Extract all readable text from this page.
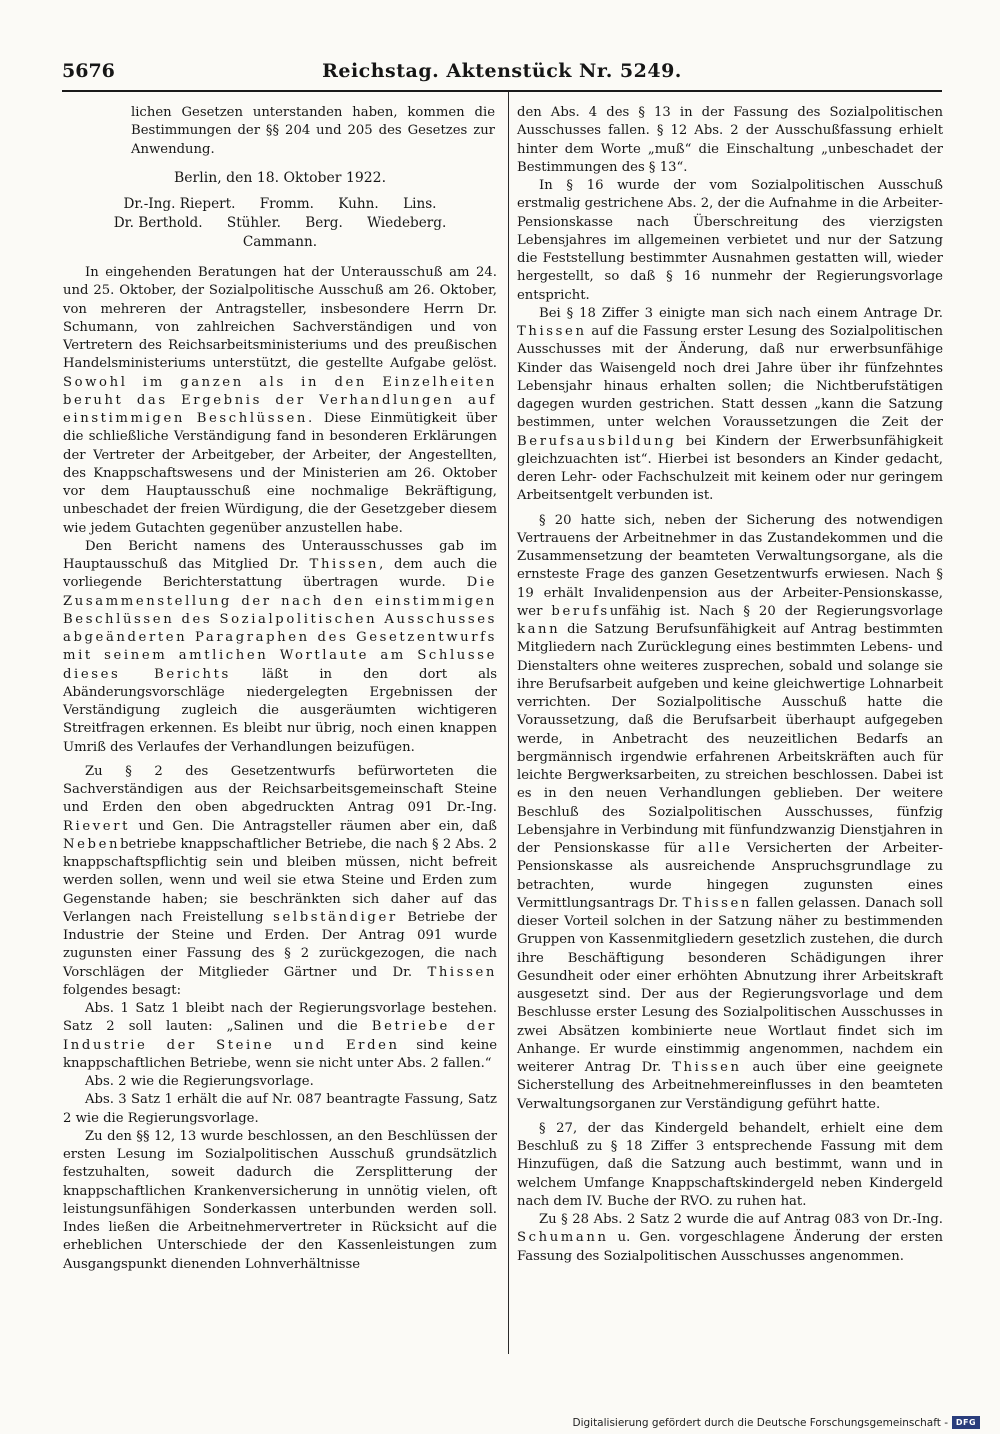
5676	Reichstag. Aktenstück Nr. 5249.

lichen Gesetzen unterstanden haben, kommen die Bestimmungen der §§ 204 und 205 des Gesetzes zur Anwendung.

Berlin, den 18. Oktober 1922.

Dr.-Ing. Riepert. Fromm. Kuhn. Lins.
Dr. Berthold. Stühler. Berg. Wiedeberg.
Cammann.

In eingehenden Beratungen hat der Unterausschuß am 24. und 25. Oktober, der Sozialpolitische Ausschuß am 26. Oktober, von mehreren der Antragsteller, insbesondere Herrn Dr. Schumann, von zahlreichen Sachverständigen und von Vertretern des Reichsarbeitsministeriums und des preußischen Handelsministeriums unterstützt, die gestellte Aufgabe gelöst. Sowohl im ganzen als in den Einzelheiten beruht das Ergebnis der Verhandlungen auf einstimmigen Beschlüssen. Diese Einmütigkeit über die schließliche Verständigung fand in besonderen Erklärungen der Vertreter der Arbeitgeber, der Arbeiter, der Angestellten, des Knappschaftswesens und der Ministerien am 26. Oktober vor dem Hauptausschuß eine nochmalige Bekräftigung, unbeschadet der freien Würdigung, die der Gesetzgeber diesem wie jedem Gutachten gegenüber anzustellen habe.

Den Bericht namens des Unterausschusses gab im Hauptausschuß das Mitglied Dr. Thissen, dem auch die vorliegende Berichterstattung übertragen wurde. Die Zusammenstellung der nach den einstimmigen Beschlüssen des Sozialpolitischen Ausschusses abgeänderten Paragraphen des Gesetzentwurfs mit seinem amtlichen Wortlaute am Schlusse dieses Berichts läßt in den dort als Abänderungsvorschläge niedergelegten Ergebnissen der Verständigung zugleich die ausgeräumten wichtigeren Streitfragen erkennen. Es bleibt nur übrig, noch einen knappen Umriß des Verlaufes der Verhandlungen beizufügen.

Zu § 2 des Gesetzentwurfs befürworteten die Sachverständigen aus der Reichsarbeitsgemeinschaft Steine und Erden den oben abgedruckten Antrag 091 Dr.-Ing. Rievert und Gen. Die Antragsteller räumen aber ein, daß Nebenbetriebe knappschaftlicher Betriebe, die nach § 2 Abs. 2 knappschaftspflichtig sein und bleiben müssen, nicht befreit werden sollen, wenn und weil sie etwa Steine und Erden zum Gegenstande haben; sie beschränkten sich daher auf das Verlangen nach Freistellung selbständiger Betriebe der Industrie der Steine und Erden. Der Antrag 091 wurde zugunsten einer Fassung des § 2 zurückgezogen, die nach Vorschlägen der Mitglieder Gärtner und Dr. Thissen folgendes besagt:

Abs. 1 Satz 1 bleibt nach der Regierungsvorlage bestehen. Satz 2 soll lauten: „Salinen und die Betriebe der Industrie der Steine und Erden sind keine knappschaftlichen Betriebe, wenn sie nicht unter Abs. 2 fallen.“

Abs. 2 wie die Regierungsvorlage.

Abs. 3 Satz 1 erhält die auf Nr. 087 beantragte Fassung, Satz 2 wie die Regierungsvorlage.

Zu den §§ 12, 13 wurde beschlossen, an den Beschlüssen der ersten Lesung im Sozialpolitischen Ausschuß grundsätzlich festzuhalten, soweit dadurch die Zersplitterung der knappschaftlichen Krankenversicherung in unnötig vielen, oft leistungsunfähigen Sonderkassen unterbunden werden soll. Indes ließen die Arbeitnehmervertreter in Rücksicht auf die erheblichen Unterschiede der den Kassenleistungen zum Ausgangspunkt dienenden Lohnverhältnisse

den Abs. 4 des § 13 in der Fassung des Sozialpolitischen Ausschusses fallen. § 12 Abs. 2 der Ausschußfassung erhielt hinter dem Worte „muß“ die Einschaltung „unbeschadet der Bestimmungen des § 13“.

In § 16 wurde der vom Sozialpolitischen Ausschuß erstmalig gestrichene Abs. 2, der die Aufnahme in die Arbeiter-Pensionskasse nach Überschreitung des vierzigsten Lebensjahres im allgemeinen verbietet und nur der Satzung die Feststellung bestimmter Ausnahmen gestatten will, wieder hergestellt, so daß § 16 nunmehr der Regierungsvorlage entspricht.

Bei § 18 Ziffer 3 einigte man sich nach einem Antrage Dr. Thissen auf die Fassung erster Lesung des Sozialpolitischen Ausschusses mit der Änderung, daß nur erwerbsunfähige Kinder das Waisengeld noch drei Jahre über ihr fünfzehntes Lebensjahr hinaus erhalten sollen; die Nichtberufstätigen dagegen wurden gestrichen. Statt dessen „kann die Satzung bestimmen, unter welchen Voraussetzungen die Zeit der Berufsausbildung bei Kindern der Erwerbsunfähigkeit gleichzuachten ist“. Hierbei ist besonders an Kinder gedacht, deren Lehr- oder Fachschulzeit mit keinem oder nur geringem Arbeitsentgelt verbunden ist.

§ 20 hatte sich, neben der Sicherung des notwendigen Vertrauens der Arbeitnehmer in das Zustandekommen und die Zusammensetzung der beamteten Verwaltungsorgane, als die ernsteste Frage des ganzen Gesetzentwurfs erwiesen. Nach § 19 erhält Invalidenpension aus der Arbeiter-Pensionskasse, wer berufsunfähig ist. Nach § 20 der Regierungsvorlage kann die Satzung Berufsunfähigkeit auf Antrag bestimmten Mitgliedern nach Zurücklegung eines bestimmten Lebens- und Dienstalters ohne weiteres zusprechen, sobald und solange sie ihre Berufsarbeit aufgeben und keine gleichwertige Lohnarbeit verrichten. Der Sozialpolitische Ausschuß hatte die Voraussetzung, daß die Berufsarbeit überhaupt aufgegeben werde, in Anbetracht des neuzeitlichen Bedarfs an bergmännisch irgendwie erfahrenen Arbeitskräften auch für leichte Bergwerksarbeiten, zu streichen beschlossen. Dabei ist es in den neuen Verhandlungen geblieben. Der weitere Beschluß des Sozialpolitischen Ausschusses, fünfzig Lebensjahre in Verbindung mit fünfundzwanzig Dienstjahren in der Pensionskasse für alle Versicherten der Arbeiter-Pensionskasse als ausreichende Anspruchsgrundlage zu betrachten, wurde hingegen zugunsten eines Vermittlungsantrags Dr. Thissen fallen gelassen. Danach soll dieser Vorteil solchen in der Satzung näher zu bestimmenden Gruppen von Kassenmitgliedern gesetzlich zustehen, die durch ihre Beschäftigung besonderen Schädigungen ihrer Gesundheit oder einer erhöhten Abnutzung ihrer Arbeitskraft ausgesetzt sind. Der aus der Regierungsvorlage und dem Beschlusse erster Lesung des Sozialpolitischen Ausschusses in zwei Absätzen kombinierte neue Wortlaut findet sich im Anhange. Er wurde einstimmig angenommen, nachdem ein weiterer Antrag Dr. Thissen auch über eine geeignete Sicherstellung des Arbeitnehmereinflusses in den beamteten Verwaltungsorganen zur Verständigung geführt hatte.

§ 27, der das Kindergeld behandelt, erhielt eine dem Beschluß zu § 18 Ziffer 3 entsprechende Fassung mit dem Hinzufügen, daß die Satzung auch bestimmt, wann und in welchem Umfange Knappschaftskindergeld neben Kindergeld nach dem IV. Buche der RVO. zu ruhen hat.

Zu § 28 Abs. 2 Satz 2 wurde die auf Antrag 083 von Dr.-Ing. Schumann u. Gen. vorgeschlagene Änderung der ersten Fassung des Sozialpolitischen Ausschusses angenommen.

Digitalisierung gefördert durch die Deutsche Forschungsgemeinschaft - DFG
